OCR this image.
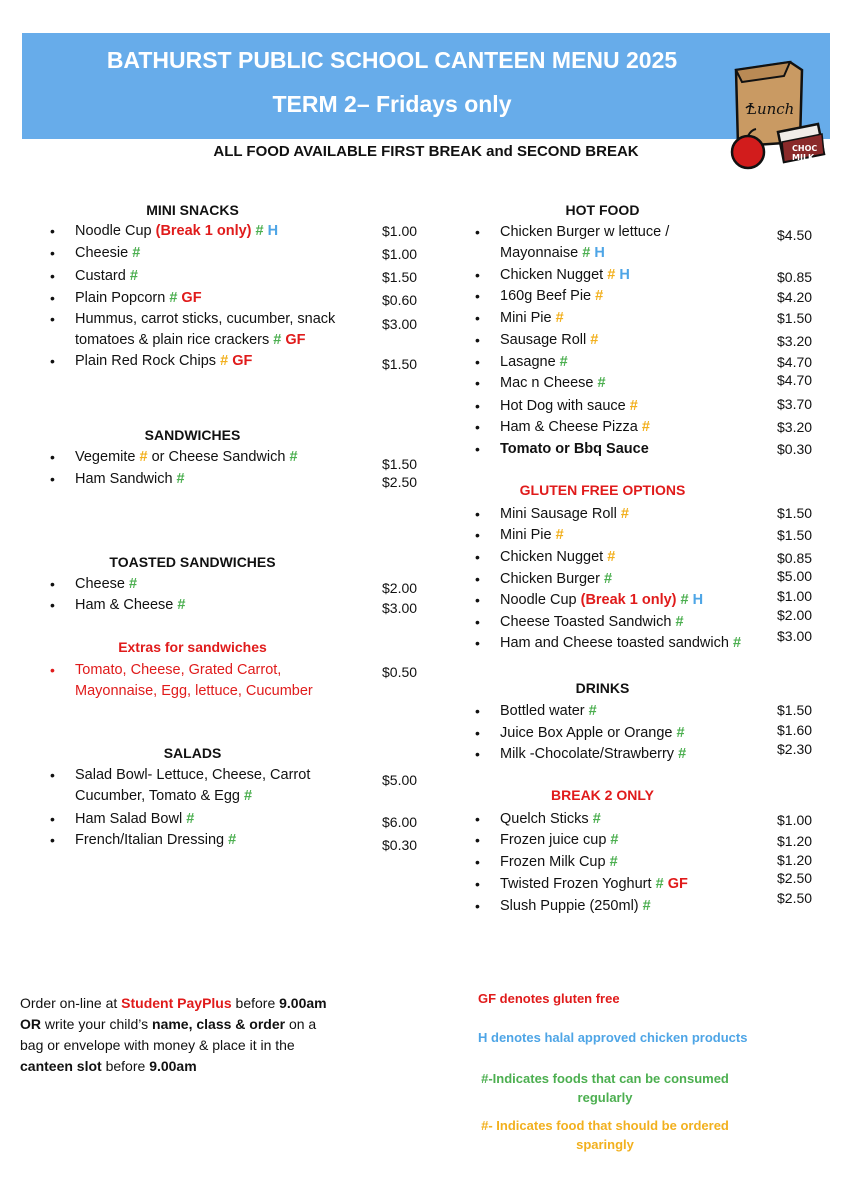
BATHURST PUBLIC SCHOOL CANTEEN MENU 2025
TERM 2– Fridays only	Lunch
CHOC
MILK
ALL FOOD AVAILABLE FIRST BREAK and SECOND BREAK
MINI SNACKS
• Noodle Cup (Break 1 only) # H	$1.00
• Cheesie #	$1.00
• Custard #	$1.50
• Plain Popcorn # GF	$0.60
• Hummus, carrot sticks, cucumber, snack
tomatoes & plain rice crackers # GF
$3.00
• Plain Red Rock Chips # GF	$1.50
SANDWICHES
• Vegemite # or Cheese Sandwich #	$1.50
• Ham Sandwich #	$2.50
TOASTED SANDWICHES
• Cheese #	$2.00
• Ham & Cheese #	$3.00
Extras for sandwiches
• Tomato, Cheese, Grated Carrot,
Mayonnaise, Egg, lettuce, Cucumber
$0.50
SALADS
• Salad Bowl- Lettuce, Cheese, Carrot
Cucumber, Tomato & Egg #
$5.00
• Ham Salad Bowl #	$6.00
• French/Italian Dressing #	$0.30
HOT FOOD
• Chicken Burger w lettuce /
Mayonnaise # H
$4.50
• Chicken Nugget # H	$0.85
• 160g Beef Pie #	$4.20
• Mini Pie #	$1.50
• Sausage Roll #	$3.20
• Lasagne #	$4.70
• Mac n Cheese #	$4.70
• Hot Dog with sauce #	$3.70
• Ham & Cheese Pizza #	$3.20
• Tomato or Bbq Sauce	$0.30
GLUTEN FREE OPTIONS
• Mini Sausage Roll #	$1.50
• Mini Pie #	$1.50
• Chicken Nugget #	$0.85
• Chicken Burger #	$5.00
• Noodle Cup (Break 1 only) # H	$1.00
• Cheese Toasted Sandwich #	$2.00
• Ham and Cheese toasted sandwich #	$3.00
DRINKS
• Bottled water #	$1.50
• Juice Box Apple or Orange #	$1.60
• Milk -Chocolate/Strawberry #	$2.30
BREAK 2 ONLY
• Quelch Sticks #	$1.00
• Frozen juice cup #	$1.20
• Frozen Milk Cup #	$1.20
• Twisted Frozen Yoghurt # GF	$2.50
• Slush Puppie (250ml) #	$2.50
Order on-line at Student PayPlus before 9.00am
OR write your child’s name, class & order on a
bag or envelope with money & place it in the
canteen slot before 9.00am
GF denotes gluten free
H denotes halal approved chicken products
#-Indicates foods that can be consumed
regularly
#- Indicates food that should be ordered
sparingly
